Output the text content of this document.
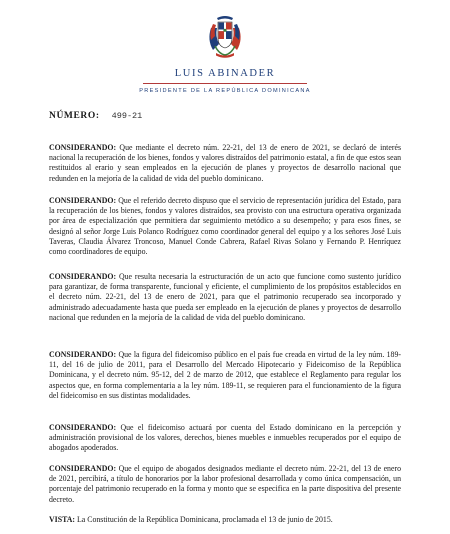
LUIS ABINADER
PRESIDENTE DE LA REPÚBLICA DOMINICANA
NÚMERO: 499-21
CONSIDERANDO: Que mediante el decreto núm. 22-21, del 13 de enero de 2021, se declaró de interés nacional la recuperación de los bienes, fondos y valores distraídos del patrimonio estatal, a fin de que estos sean restituidos al erario y sean empleados en la ejecución de planes y proyectos de desarrollo nacional que redunden en la mejoría de la calidad de vida del pueblo dominicano.
CONSIDERANDO: Que el referido decreto dispuso que el servicio de representación jurídica del Estado, para la recuperación de los bienes, fondos y valores distraídos, sea provisto con una estructura operativa organizada por área de especialización que permitiera dar seguimiento metódico a su desempeño; y para esos fines, se designó al señor Jorge Luis Polanco Rodríguez como coordinador general del equipo y a los señores José Luis Taveras, Claudia Álvarez Troncoso, Manuel Conde Cabrera, Rafael Rivas Solano y Fernando P. Henríquez como coordinadores de equipo.
CONSIDERANDO: Que resulta necesaria la estructuración de un acto que funcione como sustento jurídico para garantizar, de forma transparente, funcional y eficiente, el cumplimiento de los propósitos establecidos en el decreto núm. 22-21, del 13 de enero de 2021, para que el patrimonio recuperado sea incorporado y administrado adecuadamente hasta que pueda ser empleado en la ejecución de planes y proyectos de desarrollo nacional que redunden en la mejoría de la calidad de vida del pueblo dominicano.
CONSIDERANDO: Que la figura del fideicomiso público en el país fue creada en virtud de la ley núm. 189-11, del 16 de julio de 2011, para el Desarrollo del Mercado Hipotecario y Fideicomiso de la República Dominicana, y el decreto núm. 95-12, del 2 de marzo de 2012, que establece el Reglamento para regular los aspectos que, en forma complementaria a la ley núm. 189-11, se requieren para el funcionamiento de la figura del fideicomiso en sus distintas modalidades.
CONSIDERANDO: Que el fideicomiso actuará por cuenta del Estado dominicano en la percepción y administración provisional de los valores, derechos, bienes muebles e inmuebles recuperados por el equipo de abogados apoderados.
CONSIDERANDO: Que el equipo de abogados designados mediante el decreto núm. 22-21, del 13 de enero de 2021, percibirá, a título de honorarios por la labor profesional desarrollada y como única compensación, un porcentaje del patrimonio recuperado en la forma y monto que se especifica en la parte dispositiva del presente decreto.
VISTA: La Constitución de la República Dominicana, proclamada el 13 de junio de 2015.
